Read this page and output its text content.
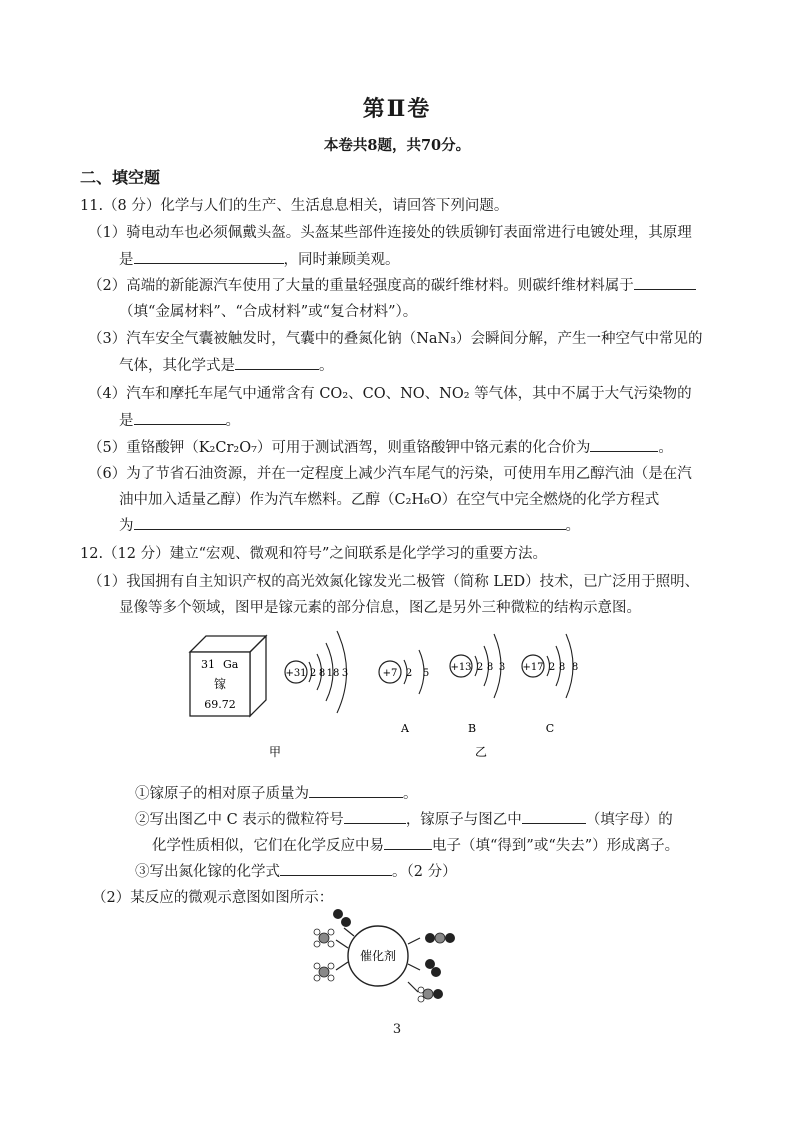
第Ⅱ卷
本卷共8题，共70分。
二、填空题
11.（8 分）化学与人们的生产、生活息息相关，请回答下列问题。
（1）骑电动车也必须佩戴头盔。头盔某些部件连接处的铁质铆钉表面常进行电镀处理，其原理
是	，同时兼顾美观。
（2）高端的新能源汽车使用了大量的重量轻强度高的碳纤维材料。则碳纤维材料属于
（填“金属材料”、“合成材料”或“复合材料”）。
（3）汽车安全气囊被触发时，气囊中的叠氮化钠（NaN₃）会瞬间分解，产生一种空气中常见的
气体，其化学式是	。
（4）汽车和摩托车尾气中通常含有 CO₂、CO、NO、NO₂ 等气体，其中不属于大气污染物的
是	。
（5）重铬酸钾（K₂Cr₂O₇）可用于测试酒驾，则重铬酸钾中铬元素的化合价为	。
（6）为了节省石油资源，并在一定程度上减少汽车尾气的污染，可使用车用乙醇汽油（是在汽
油中加入适量乙醇）作为汽车燃料。乙醇（C₂H₆O）在空气中完全燃烧的化学方程式
为	。
12.（12 分）建立“宏观、微观和符号”之间联系是化学学习的重要方法。
（1）我国拥有自主知识产权的高光效氮化镓发光二极管（简称 LED）技术，已广泛用于照明、
显像等多个领域，图甲是镓元素的部分信息，图乙是另外三种微粒的结构示意图。
31 Ga
镓
69.72
+31 2 8 18 3	+7 2 5
A
+13 2 8 3
B
+17 2 8 8
C
甲	乙
①镓原子的相对原子质量为	。
②写出图乙中 C 表示的微粒符号	，镓原子与图乙中	（填字母）的
化学性质相似，它们在化学反应中易	电子（填“得到”或“失去”）形成离子。
③写出氮化镓的化学式	。（2 分）
（2）某反应的微观示意图如图所示：
催化剂
3
